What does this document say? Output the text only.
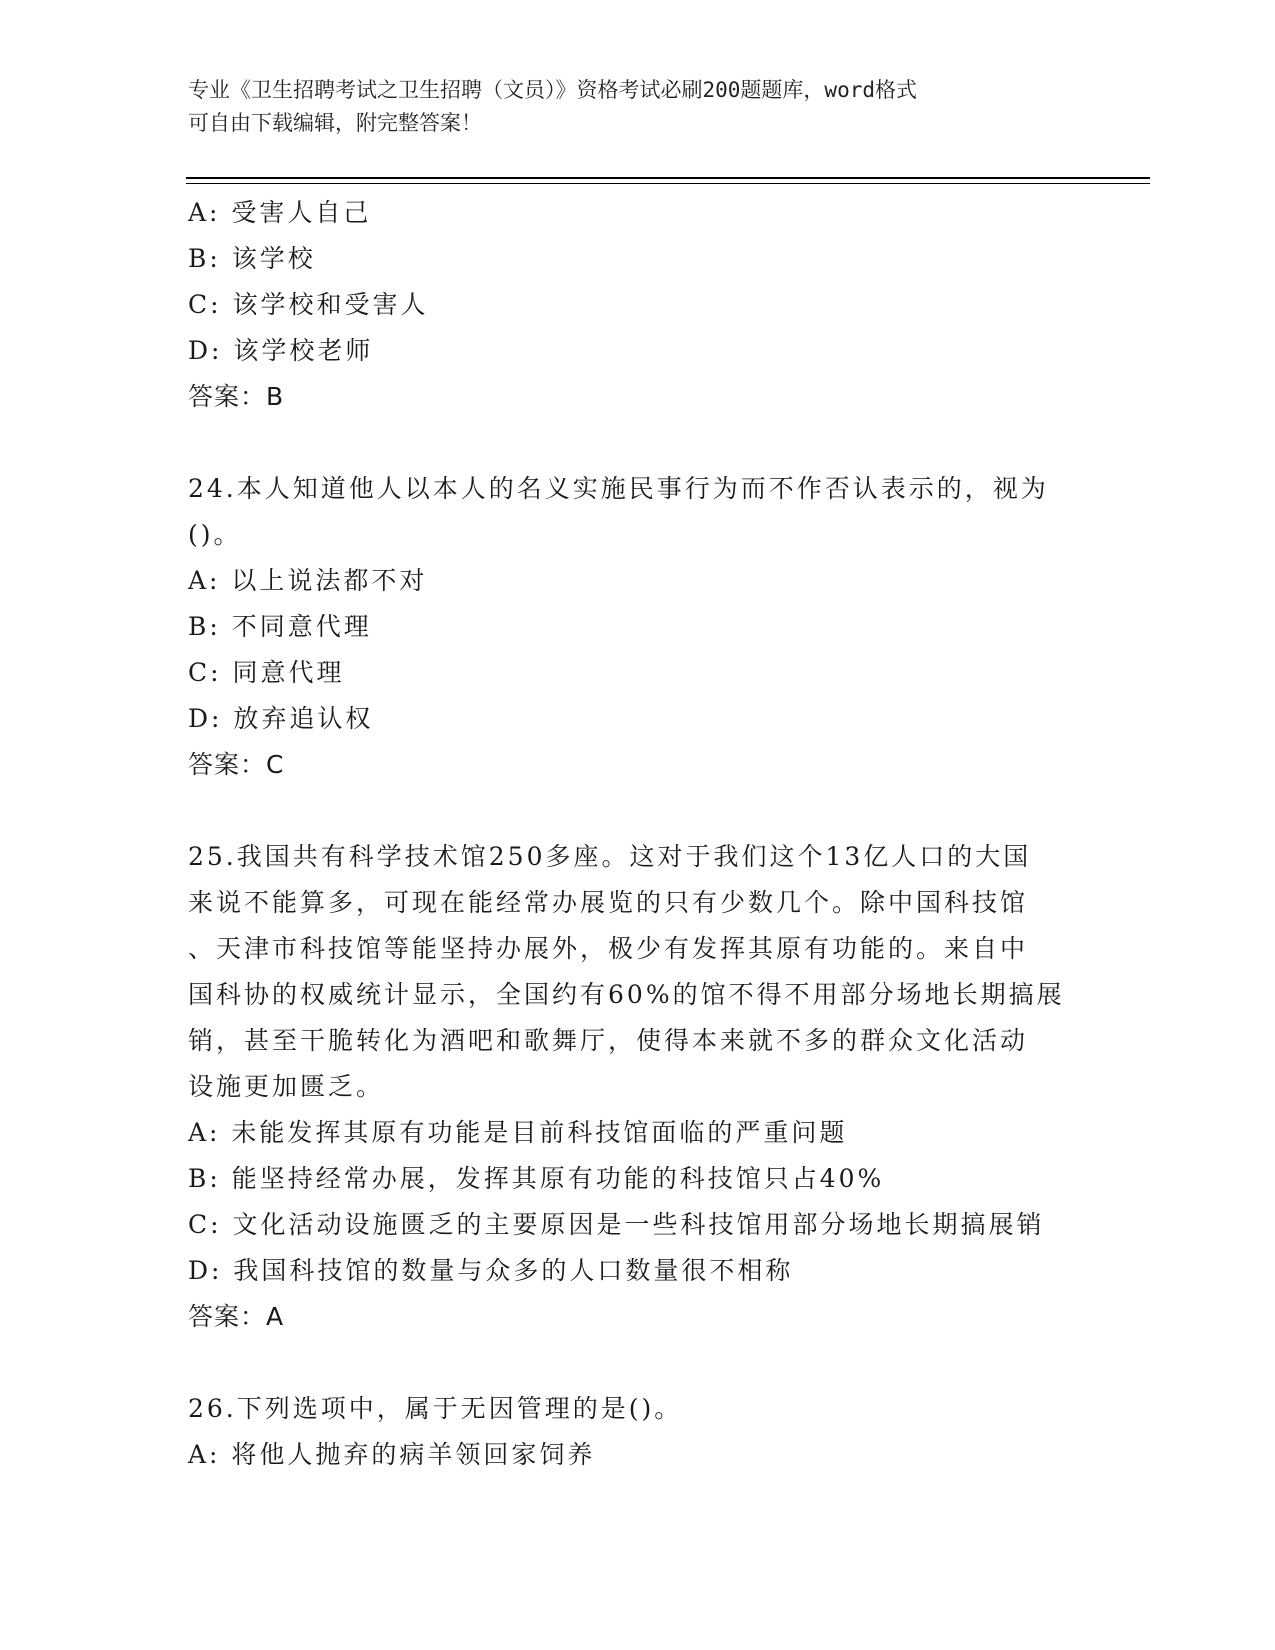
专业《卫生招聘考试之卫生招聘（文员）》资格考试必刷200题题库，word格式
可自由下载编辑，附完整答案！
A: 受害人自己
B: 该学校
C: 该学校和受害人
D: 该学校老师
答案：B
24.本人知道他人以本人的名义实施民事行为而不作否认表示的，视为
()。
A: 以上说法都不对
B: 不同意代理
C: 同意代理
D: 放弃追认权
答案：C
25.我国共有科学技术馆250多座。这对于我们这个13亿人口的大国
来说不能算多，可现在能经常办展览的只有少数几个。除中国科技馆
、天津市科技馆等能坚持办展外，极少有发挥其原有功能的。来自中
国科协的权威统计显示，全国约有60%的馆不得不用部分场地长期搞展
销，甚至干脆转化为酒吧和歌舞厅，使得本来就不多的群众文化活动
设施更加匮乏。
A: 未能发挥其原有功能是目前科技馆面临的严重问题
B: 能坚持经常办展，发挥其原有功能的科技馆只占40%
C: 文化活动设施匮乏的主要原因是一些科技馆用部分场地长期搞展销
D: 我国科技馆的数量与众多的人口数量很不相称
答案：A
26.下列选项中，属于无因管理的是()。
A: 将他人抛弃的病羊领回家饲养
